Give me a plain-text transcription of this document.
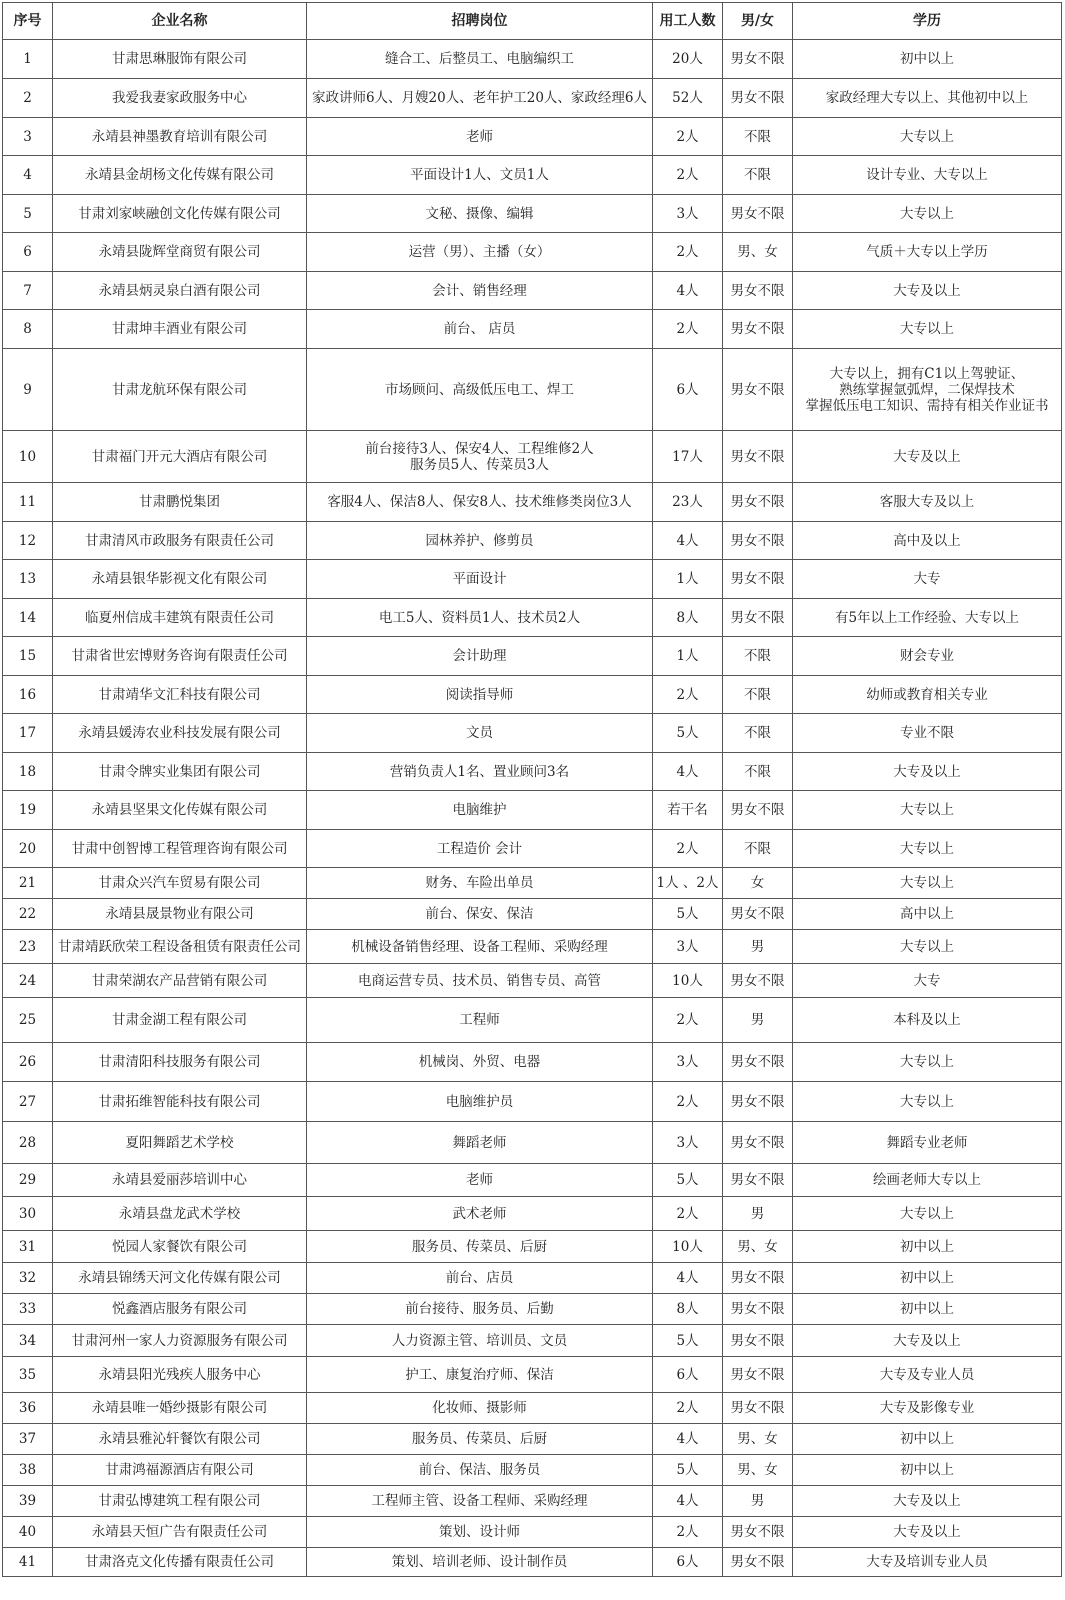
序号	企业名称	招聘岗位	用工人数	男/女	学历
1	甘肃思琳服饰有限公司	缝合工、后整员工、电脑编织工	20人	男女不限	初中以上
2	我爱我妻家政服务中心	家政讲师6人、月嫂20人、老年护工20人、家政经理6人	52人	男女不限	家政经理大专以上、其他初中以上
3	永靖县神墨教育培训有限公司	老师	2人	不限	大专以上
4	永靖县金胡杨文化传媒有限公司	平面设计1人、文员1人	2人	不限	设计专业、大专以上
5	甘肃刘家峡融创文化传媒有限公司	文秘、摄像、编辑	3人	男女不限	大专以上
6	永靖县陇辉堂商贸有限公司	运营（男）、主播（女）	2人	男、女	气质＋大专以上学历
7	永靖县炳灵泉白酒有限公司	会计、销售经理	4人	男女不限	大专及以上
8	甘肃坤丰酒业有限公司	前台、 店员	2人	男女不限	大专以上
9	甘肃龙航环保有限公司	市场顾问、高级低压电工、焊工	6人	男女不限	大专以上，拥有C1以上驾驶证、
熟练掌握氩弧焊，二保焊技术
掌握低压电工知识、需持有相关作业证书
10	甘肃福门开元大酒店有限公司	前台接待3人、保安4人、工程维修2人
服务员5人、传菜员3人	17人	男女不限	大专及以上
11	甘肃鹏悦集团	客服4人、保洁8人、保安8人、技术维修类岗位3人	23人	男女不限	客服大专及以上
12	甘肃清风市政服务有限责任公司	园林养护、修剪员	4人	男女不限	高中及以上
13	永靖县银华影视文化有限公司	平面设计	1人	男女不限	大专
14	临夏州信成丰建筑有限责任公司	电工5人、资料员1人、技术员2人	8人	男女不限	有5年以上工作经验、大专以上
15	甘肃省世宏博财务咨询有限责任公司	会计助理	1人	不限	财会专业
16	甘肃靖华文汇科技有限公司	阅读指导师	2人	不限	幼师或教育相关专业
17	永靖县媛涛农业科技发展有限公司	文员	5人	不限	专业不限
18	甘肃令牌实业集团有限公司	营销负责人1名、置业顾问3名	4人	不限	大专及以上
19	永靖县坚果文化传媒有限公司	电脑维护	若干名	男女不限	大专以上
20	甘肃中创智博工程管理咨询有限公司	工程造价 会计	2人	不限	大专以上
21	甘肃众兴汽车贸易有限公司	财务、车险出单员	1人 、2人	女	大专以上
22	永靖县晟景物业有限公司	前台、保安、保洁	5人	男女不限	高中以上
23	甘肃靖跃欣荣工程设备租赁有限责任公司	机械设备销售经理、设备工程师、采购经理	3人	男	大专以上
24	甘肃荣湖农产品营销有限公司	电商运营专员、技术员、销售专员、高管	10人	男女不限	大专
25	甘肃金湖工程有限公司	工程师	2人	男	本科及以上
26	甘肃清阳科技服务有限公司	机械岗、外贸、电器	3人	男女不限	大专以上
27	甘肃拓维智能科技有限公司	电脑维护员	2人	男女不限	大专以上
28	夏阳舞蹈艺术学校	舞蹈老师	3人	男女不限	舞蹈专业老师
29	永靖县爱丽莎培训中心	老师	5人	男女不限	绘画老师大专以上
30	永靖县盘龙武术学校	武术老师	2人	男	大专以上
31	悦园人家餐饮有限公司	服务员、传菜员、后厨	10人	男、女	初中以上
32	永靖县锦绣天河文化传媒有限公司	前台、店员	4人	男女不限	初中以上
33	悦鑫酒店服务有限公司	前台接待、服务员、后勤	8人	男女不限	初中以上
34	甘肃河州一家人力资源服务有限公司	人力资源主管、培训员、文员	5人	男女不限	大专及以上
35	永靖县阳光残疾人服务中心	护工、康复治疗师、保洁	6人	男女不限	大专及专业人员
36	永靖县唯一婚纱摄影有限公司	化妆师、摄影师	2人	男女不限	大专及影像专业
37	永靖县雅沁轩餐饮有限公司	服务员、传菜员、后厨	4人	男、女	初中以上
38	甘肃鸿福源酒店有限公司	前台、保洁、服务员	5人	男、女	初中以上
39	甘肃弘博建筑工程有限公司	工程师主管、设备工程师、采购经理	4人	男	大专及以上
40	永靖县天恒广告有限责任公司	策划、设计师	2人	男女不限	大专及以上
41	甘肃洛克文化传播有限责任公司	策划、培训老师、设计制作员	6人	男女不限	大专及培训专业人员
